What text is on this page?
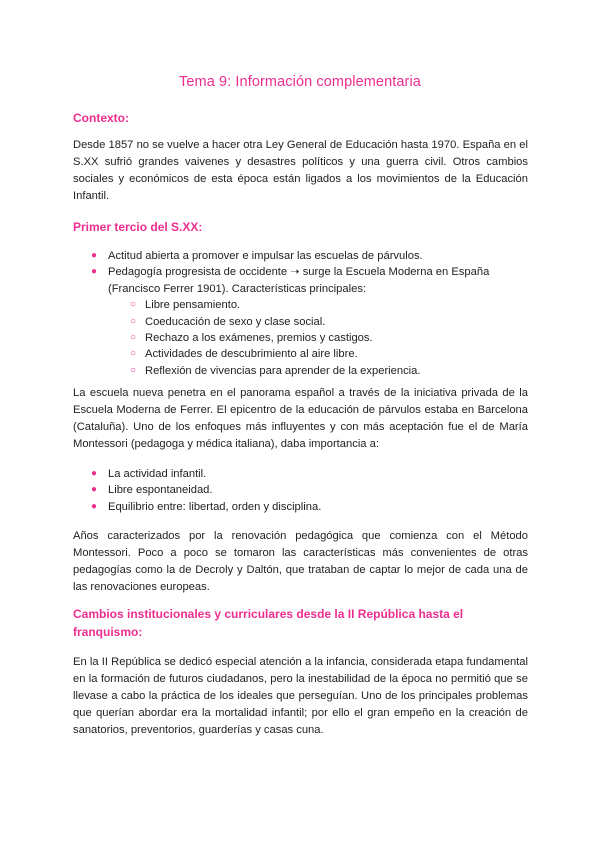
Tema 9: Información complementaria
Contexto:
Desde 1857 no se vuelve a hacer otra Ley General de Educación hasta 1970. España en el S.XX sufrió grandes vaivenes y desastres políticos y una guerra civil. Otros cambios sociales y económicos de esta época están ligados a los movimientos de la Educación Infantil.
Primer tercio del S.XX:
● Actitud abierta a promover e impulsar las escuelas de párvulos.
● Pedagogía progresista de occidente ➝ surge la Escuela Moderna en España (Francisco Ferrer 1901). Características principales:
○ Libre pensamiento.
○ Coeducación de sexo y clase social.
○ Rechazo a los exámenes, premios y castigos.
○ Actividades de descubrimiento al aire libre.
○ Reflexión de vivencias para aprender de la experiencia.
La escuela nueva penetra en el panorama español a través de la iniciativa privada de la Escuela Moderna de Ferrer. El epicentro de la educación de párvulos estaba en Barcelona (Cataluña). Uno de los enfoques más influyentes y con más aceptación fue el de María Montessori (pedagoga y médica italiana), daba importancia a:
● La actividad infantil.
● Libre espontaneidad.
● Equilibrio entre: libertad, orden y disciplina.
Años caracterizados por la renovación pedagógica que comienza con el Método Montessori. Poco a poco se tomaron las características más convenientes de otras pedagogías como la de Decroly y Daltón, que trataban de captar lo mejor de cada una de las renovaciones europeas.
Cambios institucionales y curriculares desde la II República hasta el franquismo:
En la II República se dedicó especial atención a la infancia, considerada etapa fundamental en la formación de futuros ciudadanos, pero la inestabilidad de la época no permitió que se llevase a cabo la práctica de los ideales que perseguían. Uno de los principales problemas que querían abordar era la mortalidad infantil; por ello el gran empeño en la creación de sanatorios, preventorios, guarderías y casas cuna.
